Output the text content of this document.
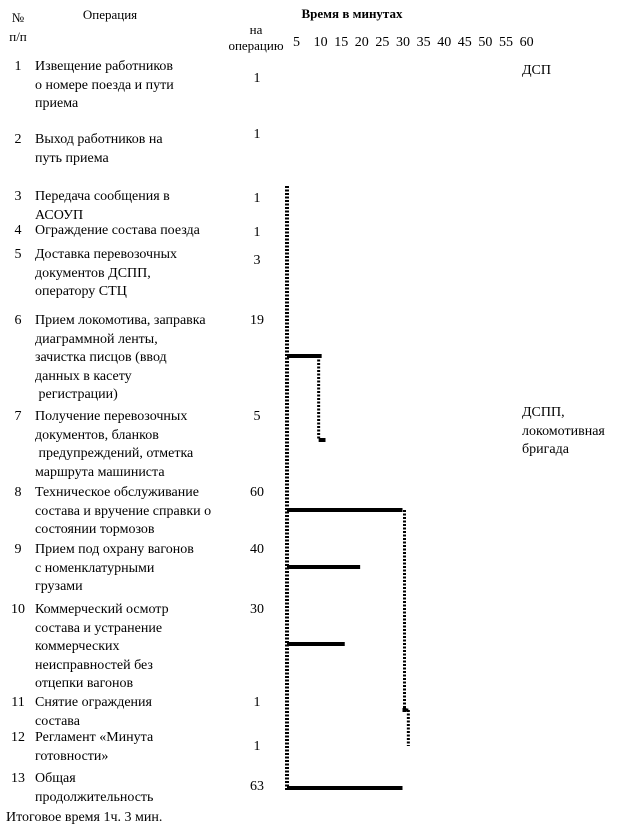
№
п/п
Операция
на
операцию
Время в минутах
1 Извещение работников
о номере поезда и пути
приема
1
2 Выход работников на
путь приема
1
3 Передача сообщения в
АСОУП
1
4 Ограждение состава поезда	1
5 Доставка перевозочных
документов ДСПП,
оператору СТЦ
3
6 Прием локомотива, заправка
диаграммной ленты,
зачистка писцов (ввод
данных в касету
регистрации)
19
7 Получение перевозочных
документов, бланков
предупреждений, отметка
маршрута машиниста
5
8 Техническое обслуживание
состава и вручение справки о
состоянии тормозов
60
9 Прием под охрану вагонов
с номенклатурными
грузами
40
10 Коммерческий осмотр
состава и устранение
коммерческих
неисправностей без
отцепки вагонов
30
11 Снятие ограждения
состава
1
12 Регламент «Минута
готовности»
1
13 Общая
продолжительность
63
5 10 15 20 25 30 35 40 45 50 55 60
ДСП
ДСПП,
локомотивная
бригада
Итоговое время 1ч. 3 мин.
